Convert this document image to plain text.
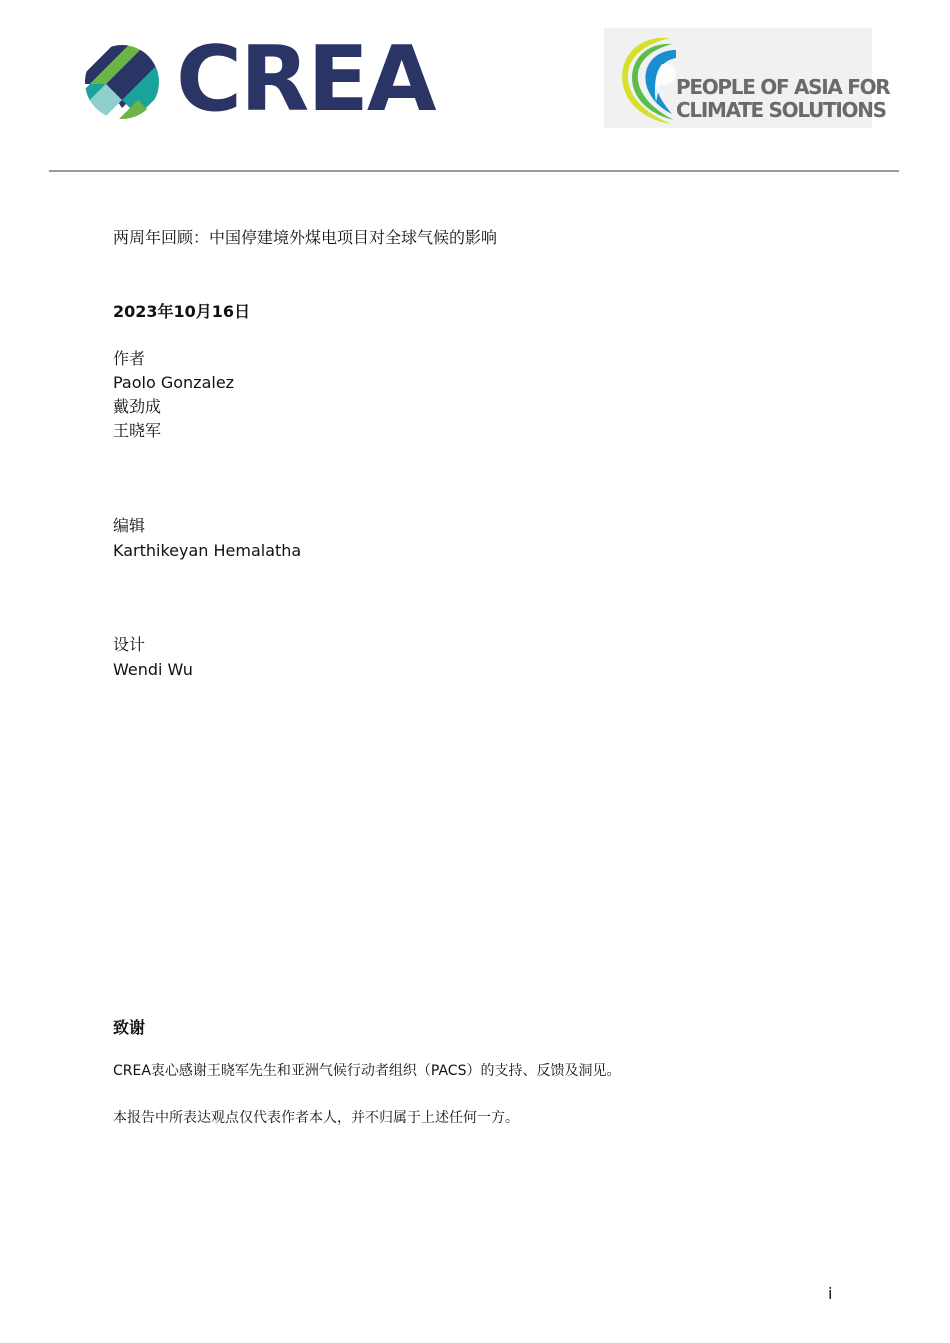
CREA	PEOPLE OF ASIA FOR
CLIMATE SOLUTIONS
两周年回顾：中国停建境外煤电项目对全球气候的影响
2023年10月16日
作者
Paolo Gonzalez
戴劲成
王晓军
编辑
Karthikeyan Hemalatha
设计
Wendi Wu
致谢
CREA衷心感谢王晓军先生和亚洲气候行动者组织（PACS）的支持、反馈及洞见。
本报告中所表达观点仅代表作者本人，并不归属于上述任何一方。
i
